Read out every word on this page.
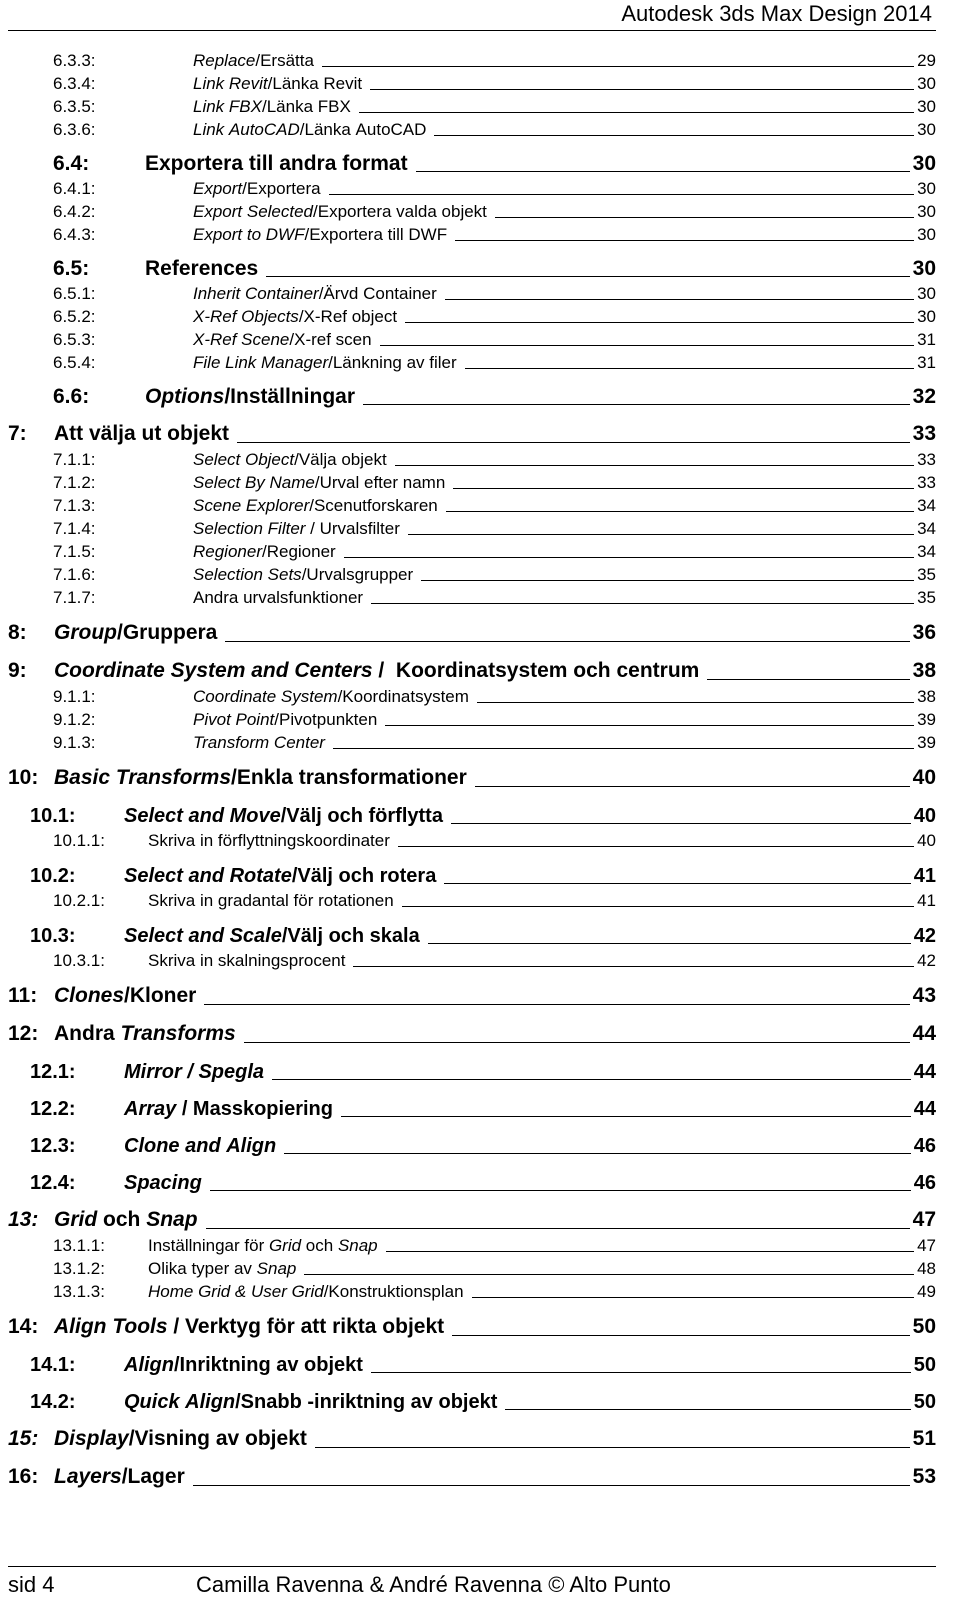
Autodesk 3ds Max Design 2014
6.3.3:	Replace/Ersätta	29
6.3.4:	Link Revit/Länka Revit	30
6.3.5:	Link FBX/Länka FBX	30
6.3.6:	Link AutoCAD/Länka AutoCAD	30
6.4:	Exportera till andra format	30
6.4.1:	Export/Exportera	30
6.4.2:	Export Selected/Exportera valda objekt	30
6.4.3:	Export to DWF/Exportera till DWF	30
6.5:	References	30
6.5.1:	Inherit Container/Ärvd Container	30
6.5.2:	X-Ref Objects/X-Ref object	30
6.5.3:	X-Ref Scene/X-ref scen	31
6.5.4:	File Link Manager/Länkning av filer	31
6.6:	Options/Inställningar	32
7:	Att välja ut objekt	33
7.1.1:	Select Object/Välja objekt	33
7.1.2:	Select By Name/Urval efter namn	33
7.1.3:	Scene Explorer/Scenutforskaren	34
7.1.4:	Selection Filter / Urvalsfilter	34
7.1.5:	Regioner/Regioner	34
7.1.6:	Selection Sets/Urvalsgrupper	35
7.1.7:	Andra urvalsfunktioner	35
8:	Group/Gruppera	36
9:	Coordinate System and Centers /  Koordinatsystem och centrum	38
9.1.1:	Coordinate System/Koordinatsystem	38
9.1.2:	Pivot Point/Pivotpunkten	39
9.1.3:	Transform Center	39
10: Basic Transforms/Enkla transformationer	40
10.1:	Select and Move/Välj och förflytta	40
10.1.1:	Skriva in förflyttningskoordinater	40
10.2:	Select and Rotate/Välj och rotera	41
10.2.1:	Skriva in gradantal för rotationen	41
10.3:	Select and Scale/Välj och skala	42
10.3.1:	Skriva in skalningsprocent	42
11: Clones/Kloner	43
12: Andra Transforms	44
12.1:	Mirror / Spegla	44
12.2:	Array / Masskopiering	44
12.3:	Clone and Align	46
12.4:	Spacing	46
13: Grid och Snap	47
13.1.1:	Inställningar för Grid och Snap	47
13.1.2:	Olika typer av Snap	48
13.1.3:	Home Grid & User Grid/Konstruktionsplan	49
14: Align Tools / Verktyg för att rikta objekt	50
14.1:	Align/Inriktning av objekt	50
14.2:	Quick Align/Snabb -inriktning av objekt	50
15: Display/Visning av objekt	51
16: Layers/Lager	53
sid 4	Camilla Ravenna & André Ravenna © Alto Punto
